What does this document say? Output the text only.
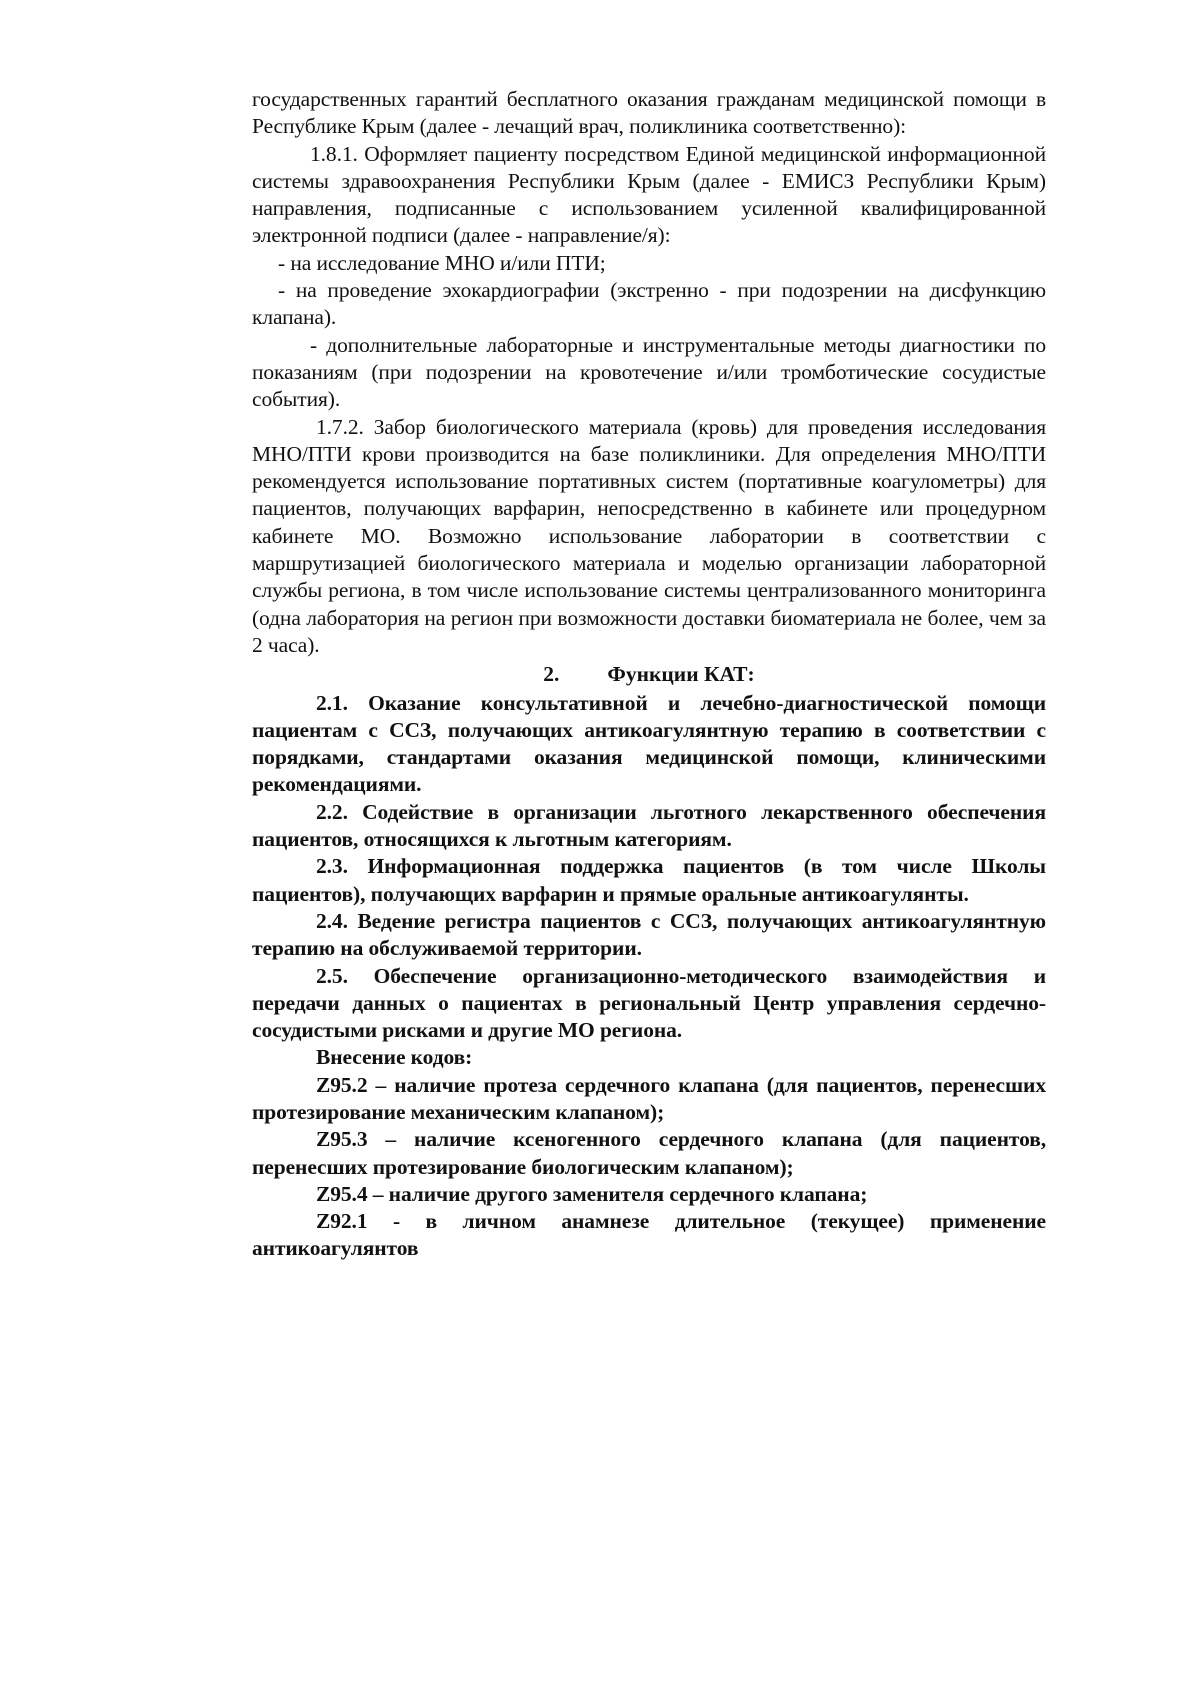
государственных гарантий бесплатного оказания гражданам медицинской помощи в Республике Крым (далее - лечащий врач, поликлиника соответственно):

1.8.1. Оформляет пациенту посредством Единой медицинской информационной системы здравоохранения Республики Крым (далее - ЕМИСЗ Республики Крым) направления, подписанные с использованием усиленной квалифицированной электронной подписи (далее - направление/я):

- на исследование МНО и/или ПТИ;

- на проведение эхокардиографии (экстренно - при подозрении на дисфункцию клапана).

- дополнительные лабораторные и инструментальные методы диагностики по показаниям (при подозрении на кровотечение и/или тромботические сосудистые события).

1.7.2. Забор биологического материала (кровь) для проведения исследования МНО/ПТИ крови производится на базе поликлиники. Для определения МНО/ПТИ рекомендуется использование портативных систем (портативные коагулометры) для пациентов, получающих варфарин, непосредственно в кабинете или процедурном кабинете МО. Возможно использование лаборатории в соответствии с маршрутизацией биологического материала и моделью организации лабораторной службы региона, в том числе использование системы централизованного мониторинга (одна лаборатория на регион при возможности доставки биоматериала не более, чем за 2 часа).

2. Функции КАТ:

2.1. Оказание консультативной и лечебно-диагностической помощи пациентам с ССЗ, получающих антикоагулянтную терапию в соответствии с порядками, стандартами оказания медицинской помощи, клиническими рекомендациями.

2.2. Содействие в организации льготного лекарственного обеспечения пациентов, относящихся к льготным категориям.

2.3. Информационная поддержка пациентов (в том числе Школы пациентов), получающих варфарин и прямые оральные антикоагулянты.

2.4. Ведение регистра пациентов с ССЗ, получающих антикоагулянтную терапию на обслуживаемой территории.

2.5. Обеспечение организационно-методического взаимодействия и передачи данных о пациентах в региональный Центр управления сердечно-сосудистыми рисками и другие МО региона.

Внесение кодов:

Z95.2 – наличие протеза сердечного клапана (для пациентов, перенесших протезирование механическим клапаном);

Z95.3 – наличие ксеногенного сердечного клапана (для пациентов, перенесших протезирование биологическим клапаном);

Z95.4 – наличие другого заменителя сердечного клапана;

Z92.1 - в личном анамнезе длительное (текущее) применение антикоагулянтов
